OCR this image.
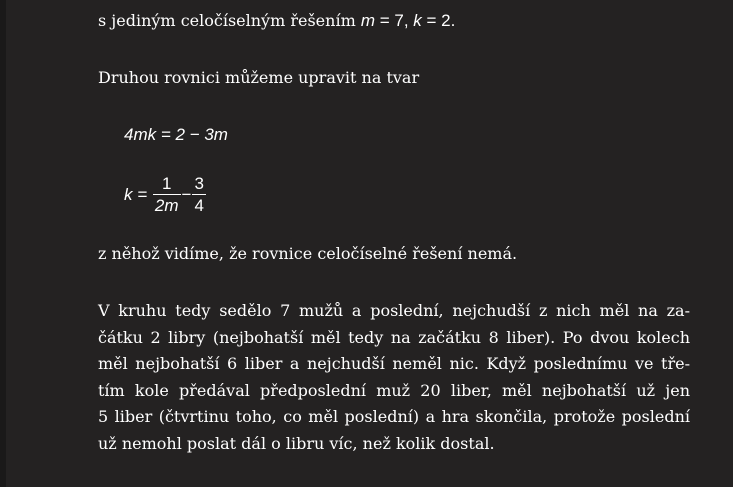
s jediným celočíselným řešením m = 7, k = 2.
Druhou rovnici můžeme upravit na tvar
4mk = 2 − 3m
$k = \frac{1}{2m} - \frac{3}{4}$
z něhož vidíme, že rovnice celočíselné řešení nemá.
V kruhu tedy sedělo 7 mužů a poslední, nejchudší z nich měl na za-
čátku 2 libry (nejbohatší měl tedy na začátku 8 liber). Po dvou kolech
měl nejbohatší 6 liber a nejchudší neměl nic. Když poslednímu ve tře-
tím kole předával předposlední muž 20 liber, měl nejbohatší už jen
5 liber (čtvrtinu toho, co měl poslední) a hra skončila, protože poslední
už nemohl poslat dál o libru víc, než kolik dostal.
